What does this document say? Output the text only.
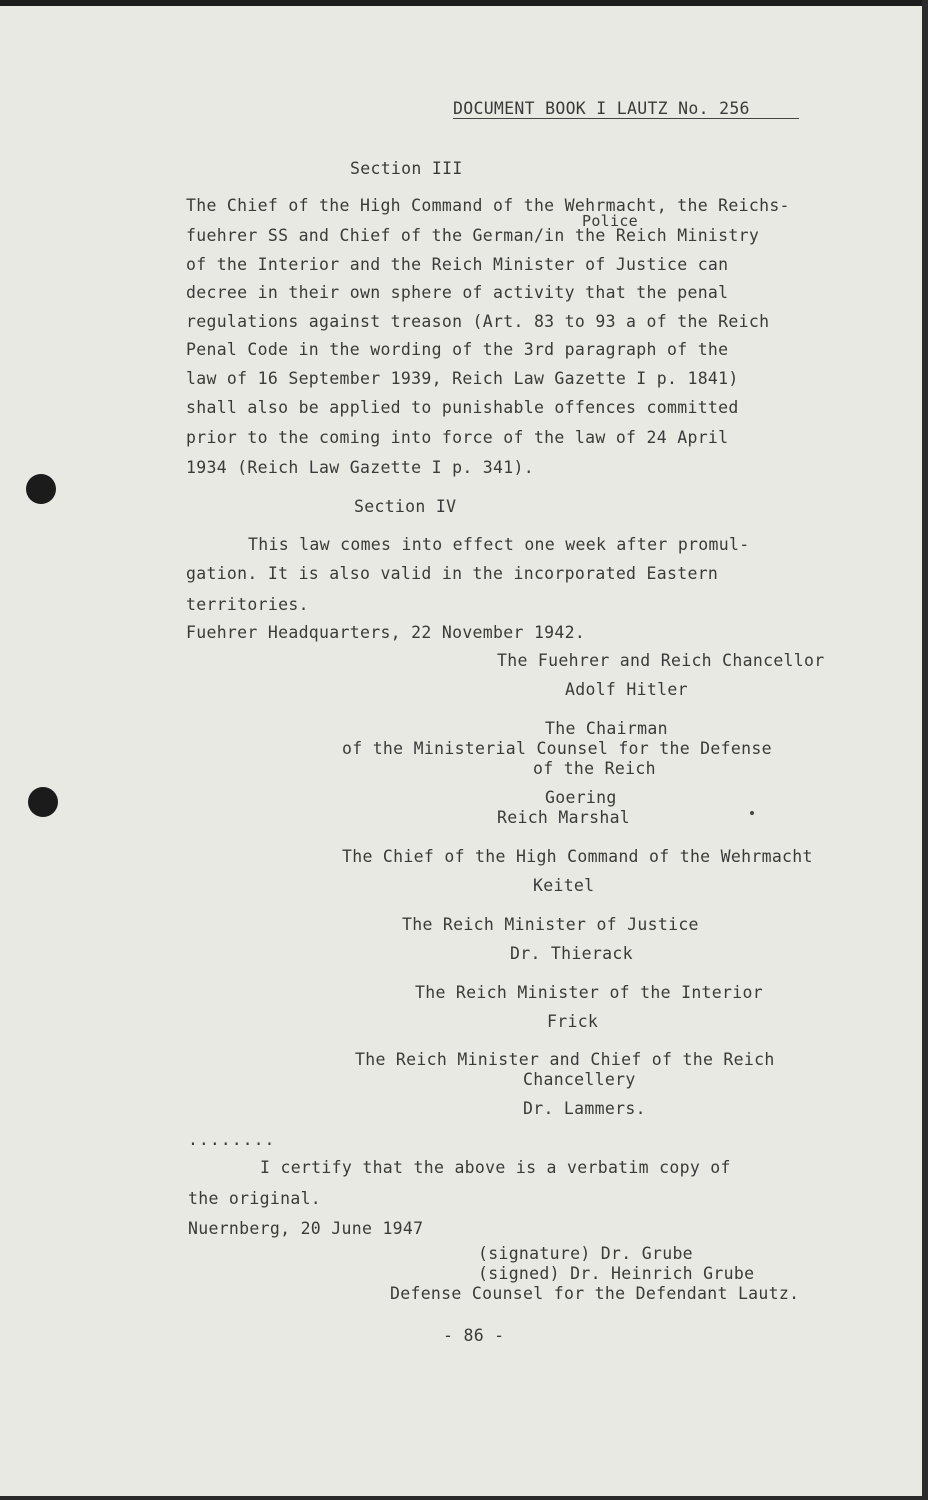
DOCUMENT BOOK I LAUTZ No. 256
Section III
Police
The Chief of the High Command of the Wehrmacht, the Reichs-
fuehrer SS and Chief of the German/in the Reich Ministry
of the Interior and the Reich Minister of Justice can
decree in their own sphere of activity that the penal
regulations against treason (Art. 83 to 93 a of the Reich
Penal Code in the wording of the 3rd paragraph of the
law of 16 September 1939, Reich Law Gazette I p. 1841)
shall also be applied to punishable offences committed
prior to the coming into force of the law of 24 April
1934 (Reich Law Gazette I p. 341).
Section IV
This law comes into effect one week after promul-
gation. It is also valid in the incorporated Eastern
territories.
Fuehrer Headquarters, 22 November 1942.
The Fuehrer and Reich Chancellor
Adolf Hitler
The Chairman
of the Ministerial Counsel for the Defense
of the Reich
Goering
Reich Marshal
The Chief of the High Command of the Wehrmacht
Keitel
The Reich Minister of Justice
Dr. Thierack
The Reich Minister of the Interior
Frick
The Reich Minister and Chief of the Reich
Chancellery
Dr. Lammers.
........
I certify that the above is a verbatim copy of
the original.
Nuernberg, 20 June 1947
(signature) Dr. Grube
(signed) Dr. Heinrich Grube
Defense Counsel for the Defendant Lautz.
- 86 -
